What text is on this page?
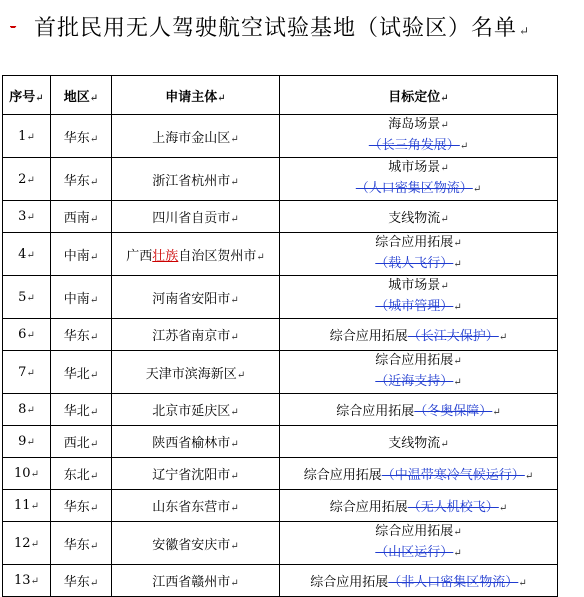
- 首批民用无人驾驶航空试验基地（试验区）名单 ↵
序号↵	地区↵	申请主体↵	目标定位↵
1↵	华东↵	上海市金山区↵	海岛场景↵
（长三角发展）↵

2↵	华东↵	浙江省杭州市↵	城市场景↵
（人口密集区物流）↵

3↵	西南↵	四川省自贡市↵	支线物流↵
4↵	中南↵	广西壮族自治区贺州市↵	综合应用拓展↵
（载人飞行）↵

5↵	中南↵	河南省安阳市↵	城市场景↵
（城市管理）↵

6↵	华东↵	江苏省南京市↵	综合应用拓展（长江大保护）↵
7↵	华北↵	天津市滨海新区↵	综合应用拓展↵
（近海支持）↵

8↵	华北↵	北京市延庆区↵	综合应用拓展（冬奥保障）↵
9↵	西北↵	陕西省榆林市↵	支线物流↵
10↵	东北↵	辽宁省沈阳市↵	综合应用拓展（中温带寒冷气候运行）↵
11↵	华东↵	山东省东营市↵	综合应用拓展（无人机校飞）↵
12↵	华东↵	安徽省安庆市↵	综合应用拓展↵
（山区运行）↵

13↵	华东↵	江西省赣州市↵	综合应用拓展（非人口密集区物流）↵
